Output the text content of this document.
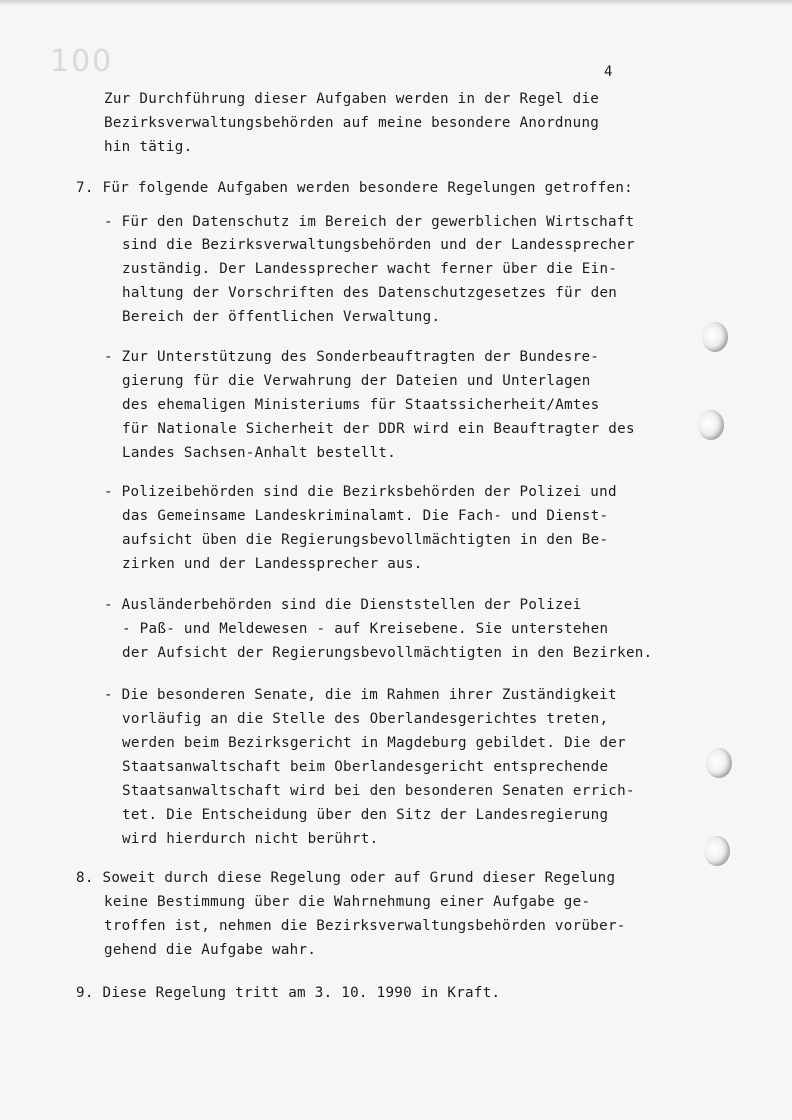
100	4
Zur Durchführung dieser Aufgaben werden in der Regel die
Bezirksverwaltungsbehörden auf meine besondere Anordnung
hin tätig.
7. Für folgende Aufgaben werden besondere Regelungen getroffen:
- Für den Datenschutz im Bereich der gewerblichen Wirtschaft
sind die Bezirksverwaltungsbehörden und der Landessprecher
zuständig. Der Landessprecher wacht ferner über die Ein-
haltung der Vorschriften des Datenschutzgesetzes für den
Bereich der öffentlichen Verwaltung.
- Zur Unterstützung des Sonderbeauftragten der Bundesre-
gierung für die Verwahrung der Dateien und Unterlagen
des ehemaligen Ministeriums für Staatssicherheit/Amtes
für Nationale Sicherheit der DDR wird ein Beauftragter des
Landes Sachsen-Anhalt bestellt.
- Polizeibehörden sind die Bezirksbehörden der Polizei und
das Gemeinsame Landeskriminalamt. Die Fach- und Dienst-
aufsicht üben die Regierungsbevollmächtigten in den Be-
zirken und der Landessprecher aus.
- Ausländerbehörden sind die Dienststellen der Polizei
- Paß- und Meldewesen - auf Kreisebene. Sie unterstehen
der Aufsicht der Regierungsbevollmächtigten in den Bezirken.
- Die besonderen Senate, die im Rahmen ihrer Zuständigkeit
vorläufig an die Stelle des Oberlandesgerichtes treten,
werden beim Bezirksgericht in Magdeburg gebildet. Die der
Staatsanwaltschaft beim Oberlandesgericht entsprechende
Staatsanwaltschaft wird bei den besonderen Senaten errich-
tet. Die Entscheidung über den Sitz der Landesregierung
wird hierdurch nicht berührt.
8. Soweit durch diese Regelung oder auf Grund dieser Regelung
keine Bestimmung über die Wahrnehmung einer Aufgabe ge-
troffen ist, nehmen die Bezirksverwaltungsbehörden vorüber-
gehend die Aufgabe wahr.
9. Diese Regelung tritt am 3. 10. 1990 in Kraft.
